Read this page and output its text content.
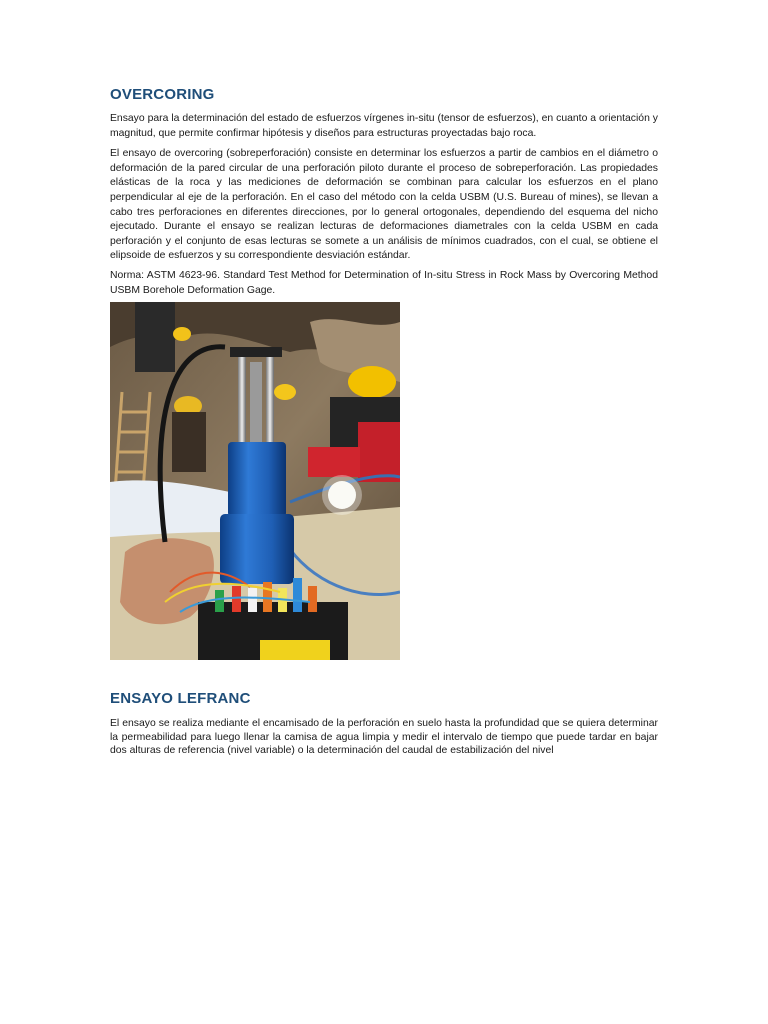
OVERCORING

Ensayo para la determinación del estado de esfuerzos vírgenes in-situ (tensor de esfuerzos), en cuanto a orientación y magnitud, que permite confirmar hipótesis y diseños para estructuras proyectadas bajo roca.

El ensayo de overcoring (sobreperforación) consiste en determinar los esfuerzos a partir de cambios en el diámetro o deformación de la pared circular de una perforación piloto durante el proceso de sobreperforación. Las propiedades elásticas de la roca y las mediciones de deformación se combinan para calcular los esfuerzos en el plano perpendicular al eje de la perforación. En el caso del método con la celda USBM (U.S. Bureau of mines), se llevan a cabo tres perforaciones en diferentes direcciones, por lo general ortogonales, dependiendo del esquema del nicho ejecutado. Durante el ensayo se realizan lecturas de deformaciones diametrales con la celda USBM en cada perforación y el conjunto de esas lecturas se somete a un análisis de mínimos cuadrados, con el cual, se obtiene el elipsoide de esfuerzos y su correspondiente desviación estándar.

Norma: ASTM 4623-96. Standard Test Method for Determination of In-situ Stress in Rock Mass by Overcoring Method USBM Borehole Deformation Gage.

ENSAYO LEFRANC

El ensayo se realiza mediante el encamisado de la perforación en suelo hasta la profundidad que se quiera determinar la permeabilidad para luego llenar la camisa de agua limpia y medir el intervalo de tiempo que puede tardar en bajar dos alturas de referencia (nivel variable) o la determinación del caudal de estabilización del nivel
